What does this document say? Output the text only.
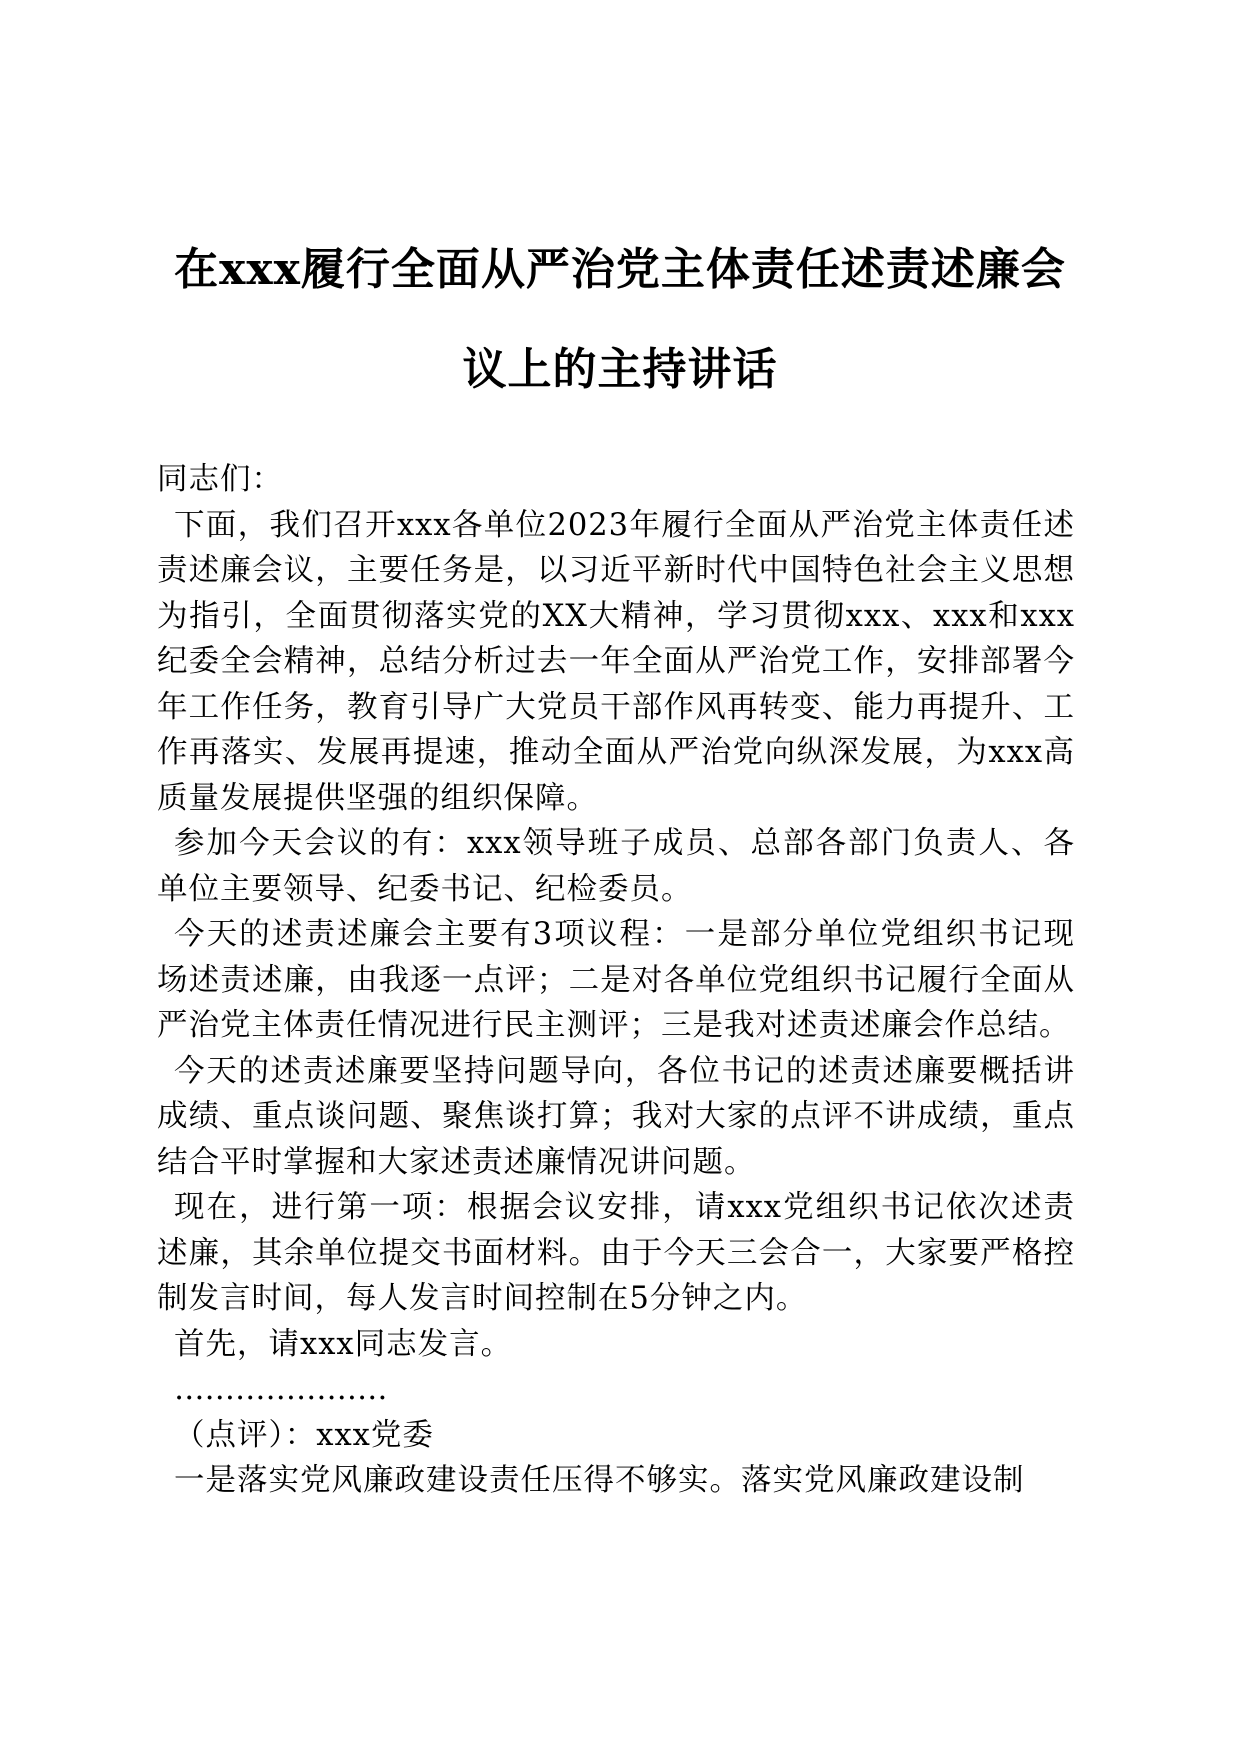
在xxx履行全面从严治党主体责任述责述廉会
议上的主持讲话

同志们：

下面，我们召开xxx各单位2023年履行全面从严治党主体责任述责述廉会议，主要任务是，以习近平新时代中国特色社会主义思想为指引，全面贯彻落实党的XX大精神，学习贯彻xxx、xxx和xxx纪委全会精神，总结分析过去一年全面从严治党工作，安排部署今年工作任务，教育引导广大党员干部作风再转变、能力再提升、工作再落实、发展再提速，推动全面从严治党向纵深发展，为xxx高质量发展提供坚强的组织保障。

参加今天会议的有：xxx领导班子成员、总部各部门负责人、各单位主要领导、纪委书记、纪检委员。

今天的述责述廉会主要有3项议程：一是部分单位党组织书记现场述责述廉，由我逐一点评；二是对各单位党组织书记履行全面从严治党主体责任情况进行民主测评；三是我对述责述廉会作总结。

今天的述责述廉要坚持问题导向，各位书记的述责述廉要概括讲成绩、重点谈问题、聚焦谈打算；我对大家的点评不讲成绩，重点结合平时掌握和大家述责述廉情况讲问题。

现在，进行第一项：根据会议安排，请xxx党组织书记依次述责述廉，其余单位提交书面材料。由于今天三会合一，大家要严格控制发言时间，每人发言时间控制在5分钟之内。

首先，请xxx同志发言。

…………………

（点评）：xxx党委

一是落实党风廉政建设责任压得不够实。落实党风廉政建设制
